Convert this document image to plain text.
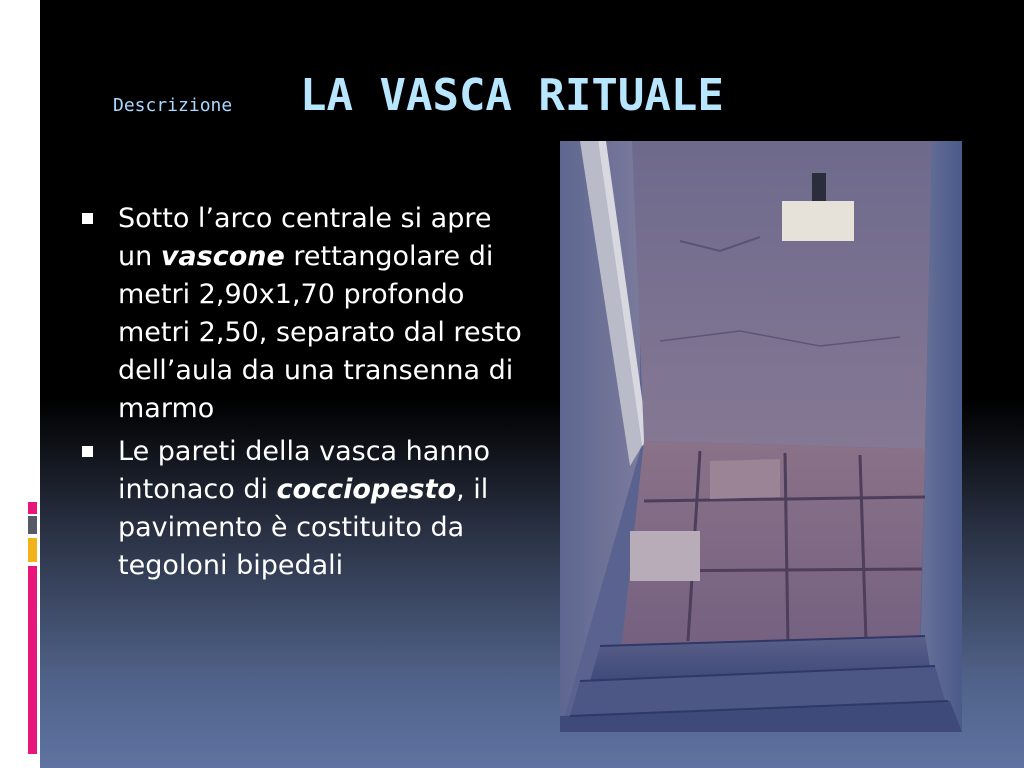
Descrizione LA VASCA RITUALE
Sotto l’arco centrale si apre un vascone rettangolare di metri 2,90x1,70 profondo metri 2,50, separato dal resto dell’aula da una transenna di marmo
Le pareti della vasca hanno intonaco di cocciopesto, il pavimento è costituito da tegoloni bipedali
